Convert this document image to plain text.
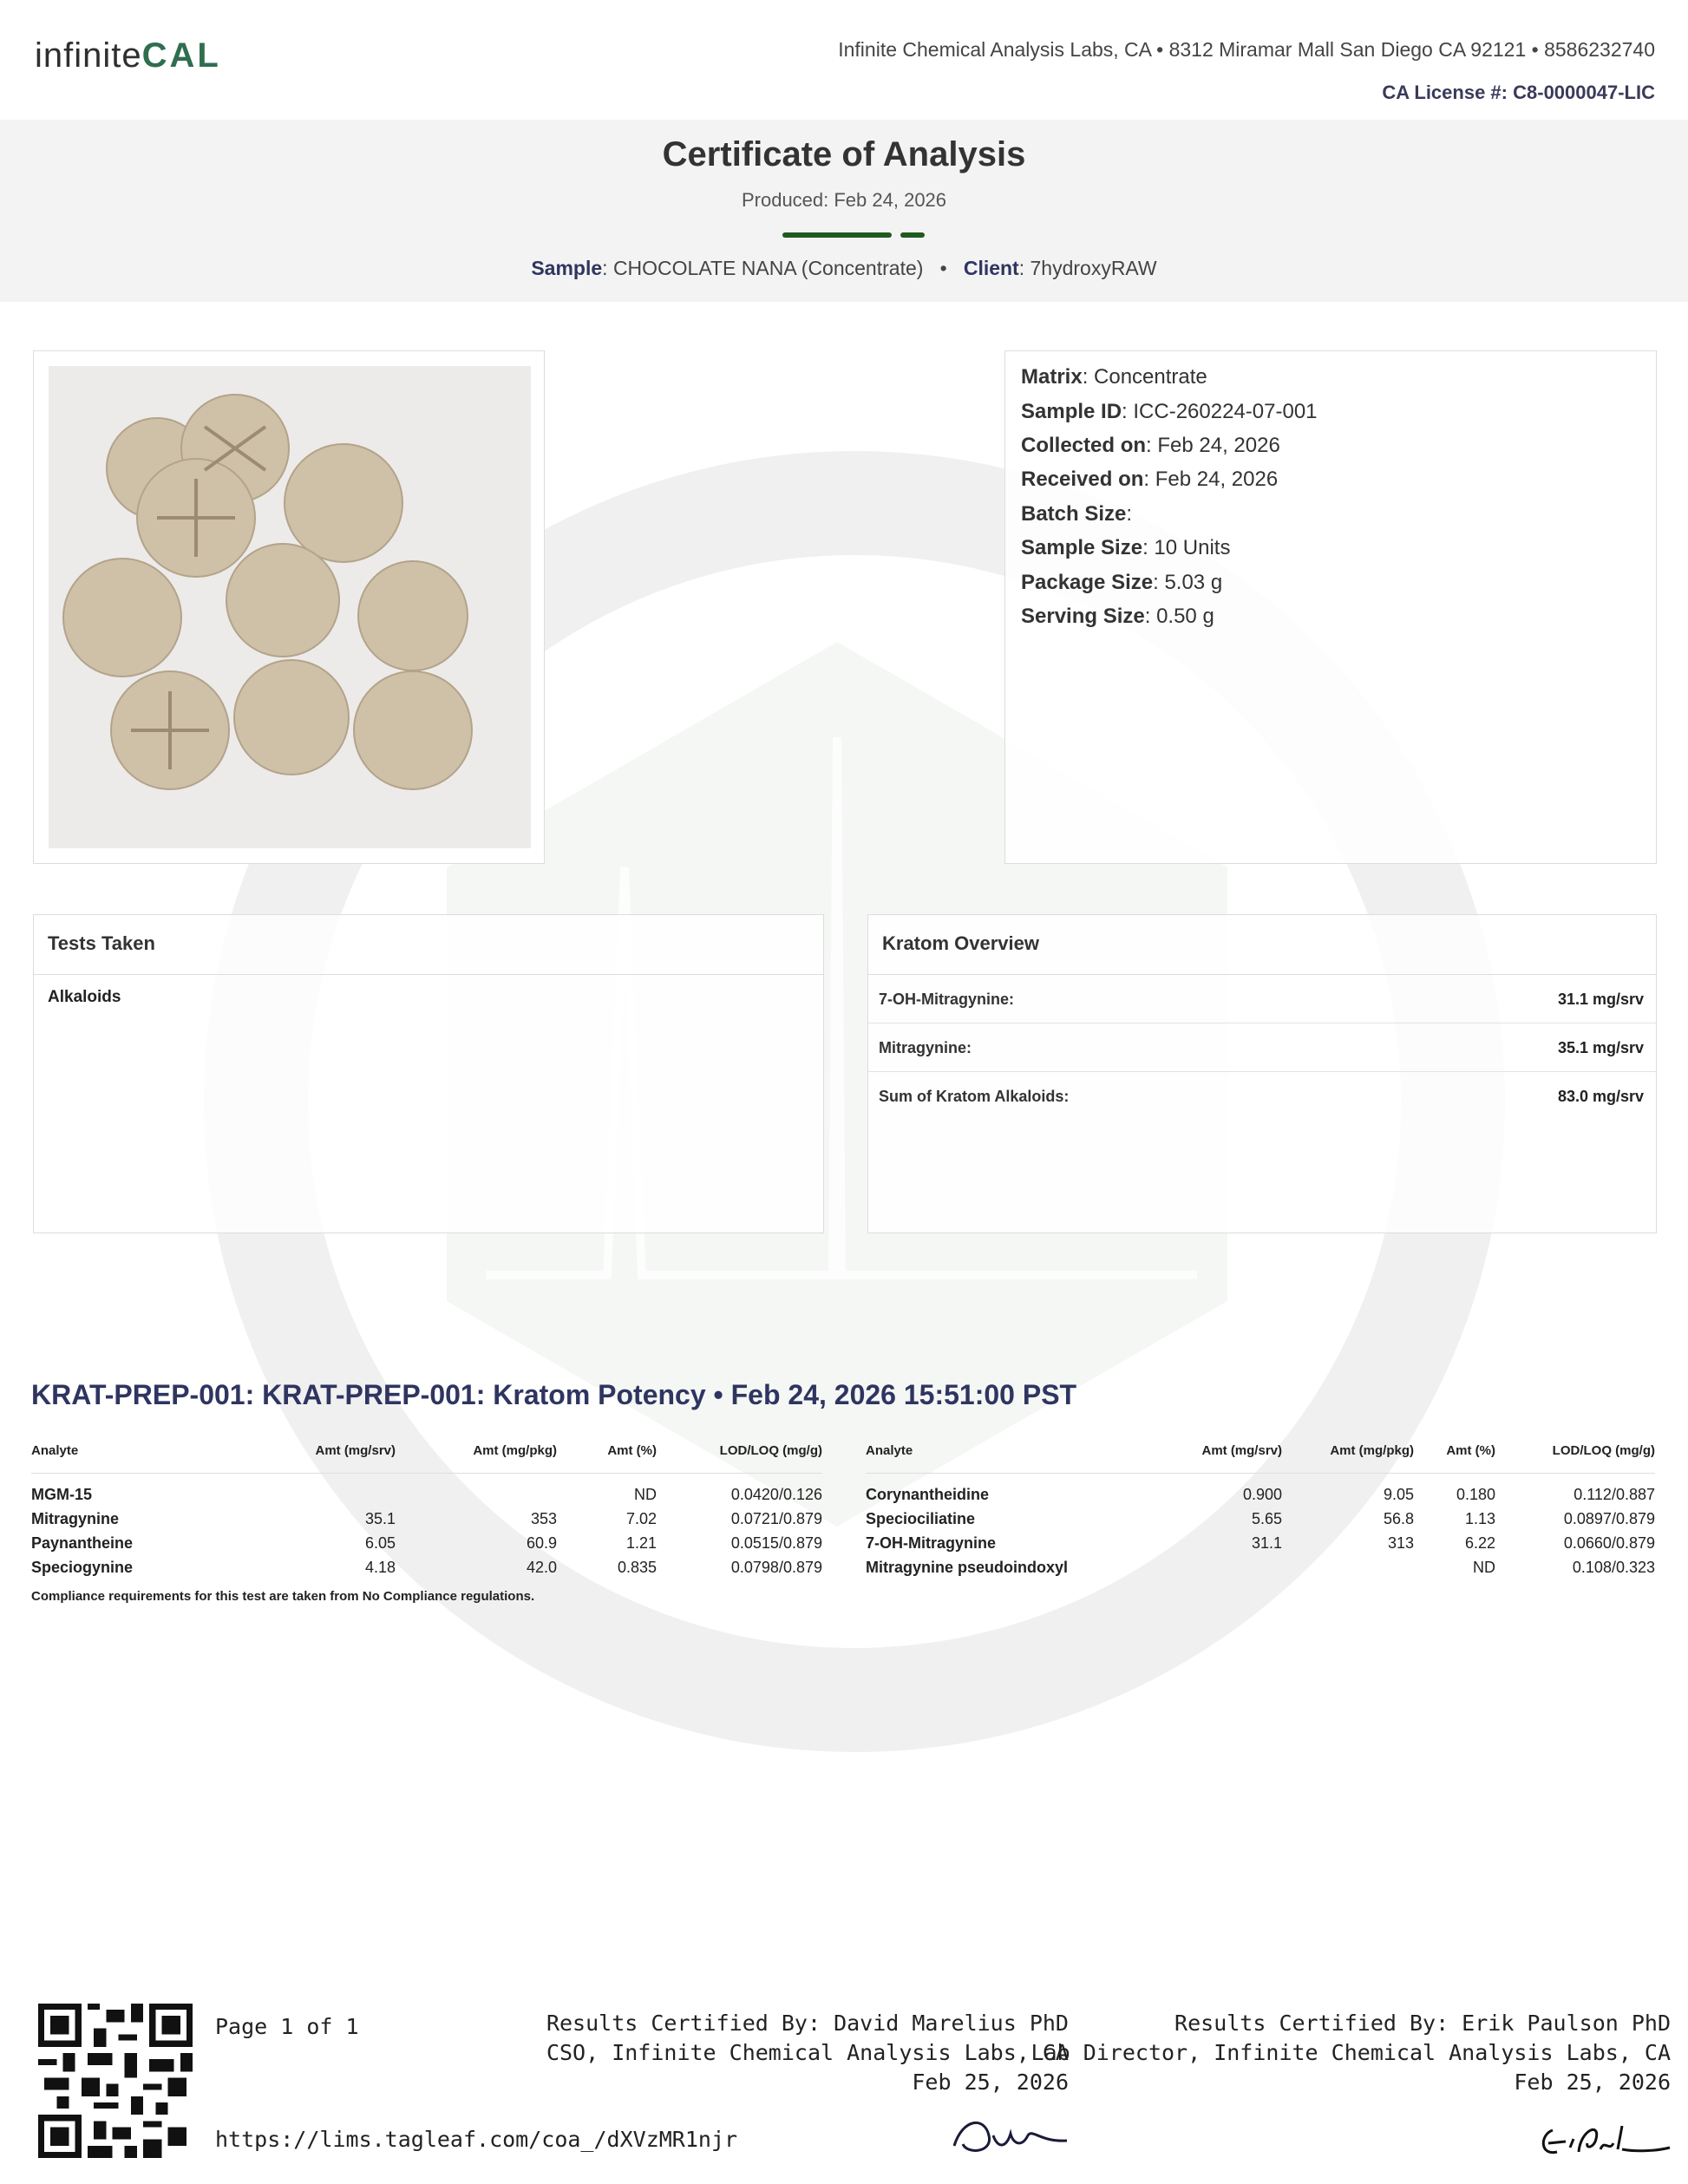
infiniteCAL	Infinite Chemical Analysis Labs, CA • 8312 Miramar Mall San Diego CA 92121 • 8586232740
CA License #: C8-0000047-LIC
Certificate of Analysis
Produced: Feb 24, 2026
Sample: CHOCOLATE NANA (Concentrate) • Client: 7hydroxyRAW
Matrix: Concentrate
Sample ID: ICC-260224-07-001
Collected on: Feb 24, 2026
Received on: Feb 24, 2026
Batch Size:
Sample Size: 10 Units
Package Size: 5.03 g
Serving Size: 0.50 g
Tests Taken
Alkaloids
Kratom Overview
7-OH-Mitragynine:	31.1 mg/srv
Mitragynine:	35.1 mg/srv
Sum of Kratom Alkaloids:	83.0 mg/srv
KRAT-PREP-001: KRAT-PREP-001: Kratom Potency • Feb 24, 2026 15:51:00 PST
Analyte	Amt (mg/srv)	Amt (mg/pkg)	Amt (%)	LOD/LOQ (mg/g)
MGM-15			ND	0.0420/0.126
Mitragynine	35.1	353	7.02	0.0721/0.879
Paynantheine	6.05	60.9	1.21	0.0515/0.879
Speciogynine	4.18	42.0	0.835	0.0798/0.879
Analyte	Amt (mg/srv)	Amt (mg/pkg)	Amt (%)	LOD/LOQ (mg/g)
Corynantheidine	0.900	9.05	0.180	0.112/0.887
Speciociliatine	5.65	56.8	1.13	0.0897/0.879
7-OH-Mitragynine	31.1	313	6.22	0.0660/0.879
Mitragynine pseudoindoxyl			ND	0.108/0.323
Compliance requirements for this test are taken from No Compliance regulations.
Page 1 of 1
https://lims.tagleaf.com/coa_/dXVzMR1njr
Results Certified By: David Marelius PhD
CSO, Infinite Chemical Analysis Labs, CA
Feb 25, 2026
Results Certified By: Erik Paulson PhD
Lab Director, Infinite Chemical Analysis Labs, CA
Feb 25, 2026
